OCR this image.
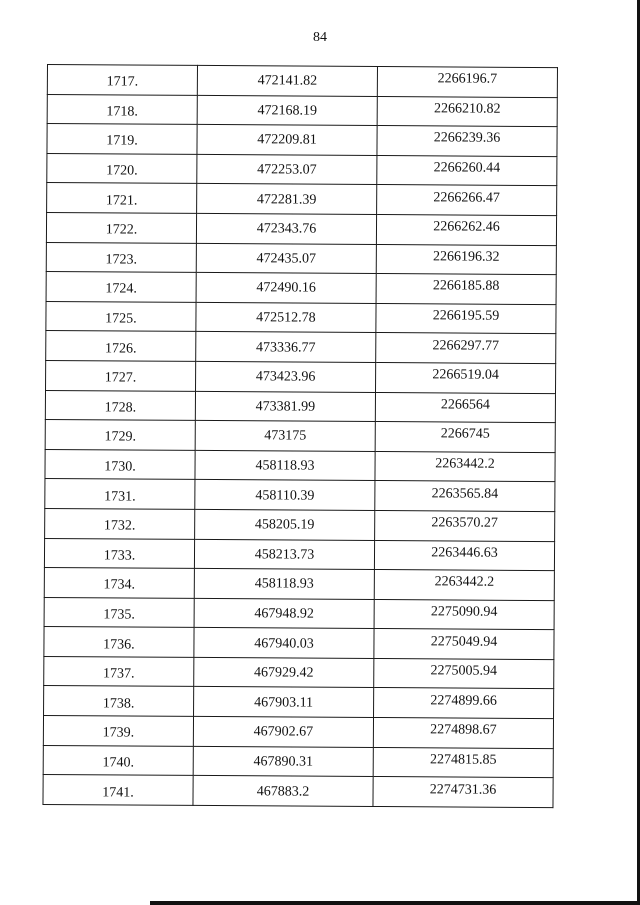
84
1717.	472141.82	2266196.7
1718.	472168.19	2266210.82
1719.	472209.81	2266239.36
1720.	472253.07	2266260.44
1721.	472281.39	2266266.47
1722.	472343.76	2266262.46
1723.	472435.07	2266196.32
1724.	472490.16	2266185.88
1725.	472512.78	2266195.59
1726.	473336.77	2266297.77
1727.	473423.96	2266519.04
1728.	473381.99	2266564
1729.	473175	2266745
1730.	458118.93	2263442.2
1731.	458110.39	2263565.84
1732.	458205.19	2263570.27
1733.	458213.73	2263446.63
1734.	458118.93	2263442.2
1735.	467948.92	2275090.94
1736.	467940.03	2275049.94
1737.	467929.42	2275005.94
1738.	467903.11	2274899.66
1739.	467902.67	2274898.67
1740.	467890.31	2274815.85
1741.	467883.2	2274731.36
